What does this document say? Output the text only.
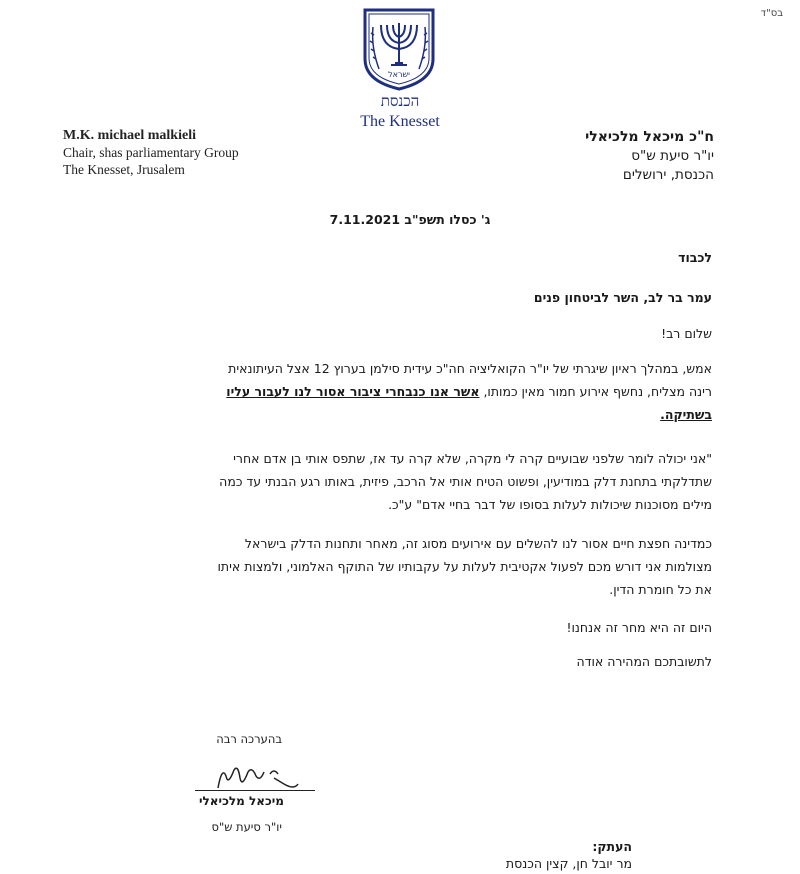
בס"ד
ישראל
הכנסת
The Knesset
M.K. michael malkieli
Chair, shas parliamentary Group
The Knesset, Jrusalem
ח"כ מיכאל מלכיאלי
יו"ר סיעת ש"ס
הכנסת, ירושלים
ג' כסלו תשפ"ב 7.11.2021
לכבוד
עמר בר לב, השר לביטחון פנים
שלום רב!
אמש, במהלך ראיון שיגרתי של יו"ר הקואליציה חה"כ עידית סילמן בערוץ 12 אצל העיתונאית
רינה מצליח, נחשף אירוע חמור מאין כמותו, אשר אנו כנבחרי ציבור אסור לנו לעבור עליו
בשתיקה.
"אני יכולה לומר שלפני שבועיים קרה לי מקרה, שלא קרה עד אז, שתפס אותי בן אדם אחרי
שתדלקתי בתחנת דלק במודיעין, ופשוט הטיח אותי אל הרכב, פיזית, באותו רגע הבנתי עד כמה
מילים מסוכנות שיכולות לעלות בסופו של דבר בחיי אדם" ע"כ.
כמדינה חפצת חיים אסור לנו להשלים עם אירועים מסוג זה, מאחר ותחנות הדלק בישראל
מצולמות אני דורש מכם לפעול אקטיבית לעלות על עקבותיו של התוקף האלמוני, ולמצות איתו
את כל חומרת הדין.
היום זה היא מחר זה אנחנו!
לתשובתכם המהירה אודה
בהערכה רבה
מיכאל מלכיאלי
יו"ר סיעת ש"ס
העתק:
מר יובל חן, קצין הכנסת
